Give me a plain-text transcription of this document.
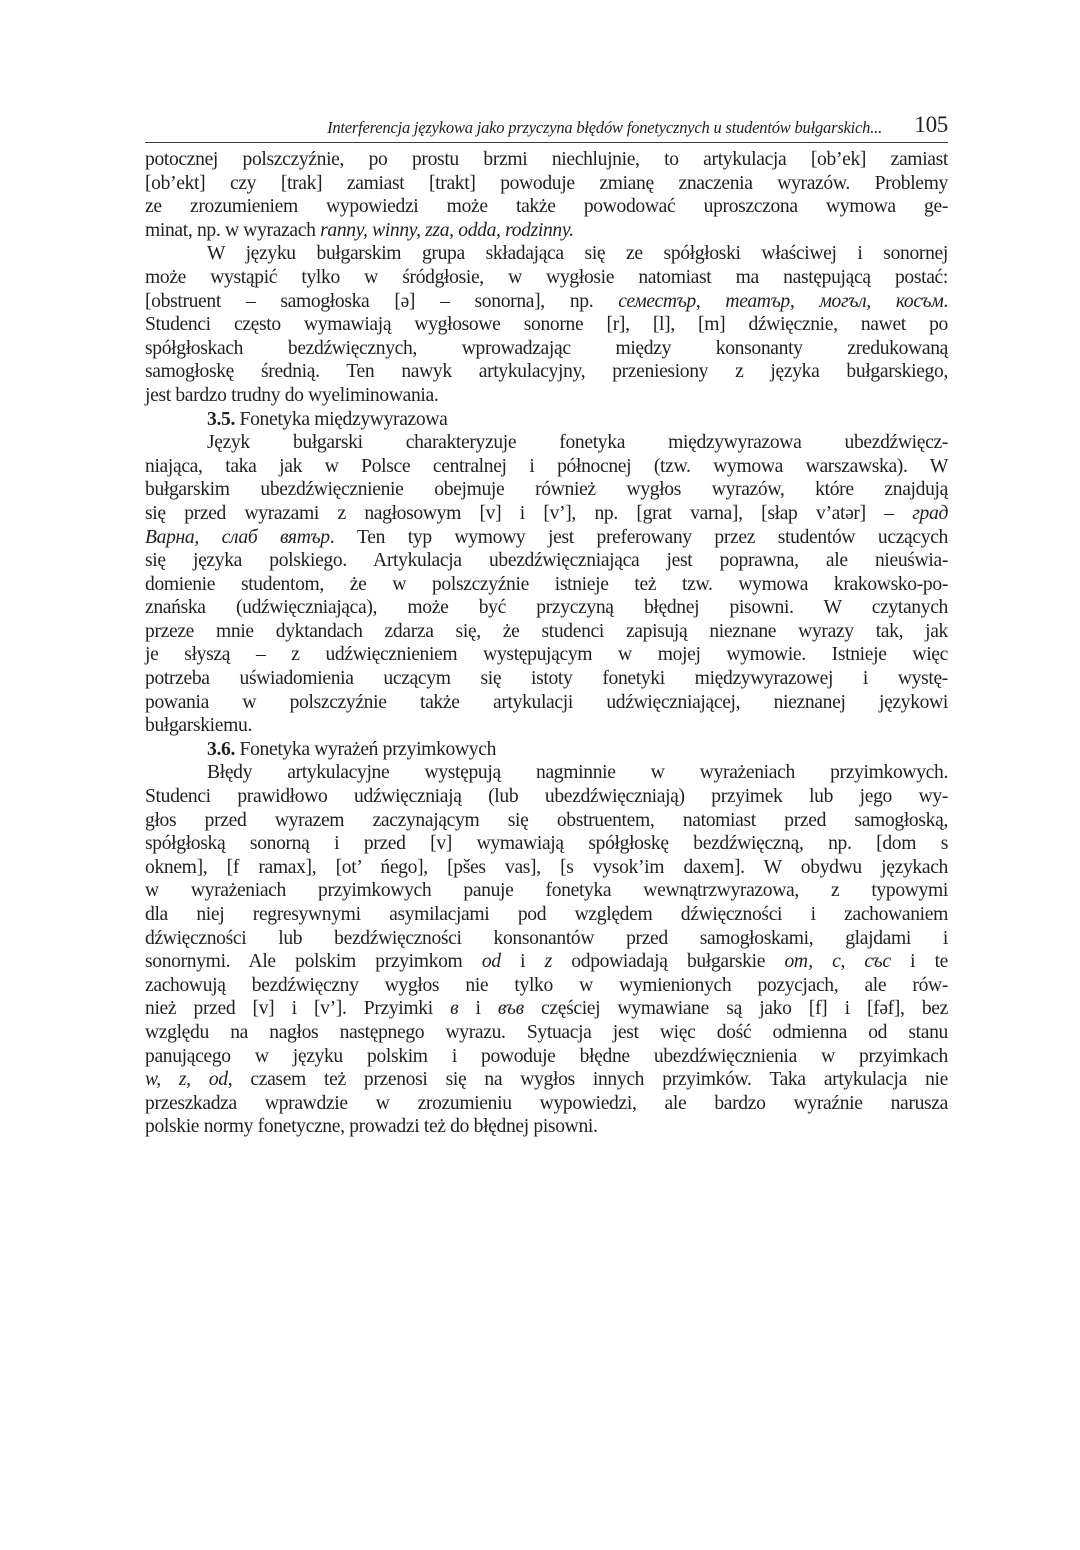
Interferencja językowa jako przyczyna błędów fonetycznych u studentów bułgarskich... 105
potocznej polszczyźnie, po prostu brzmi niechlujnie, to artykulacja [ob’ek] zamiast
[ob’ekt] czy [trak] zamiast [trakt] powoduje zmianę znaczenia wyrazów. Problemy
ze zrozumieniem wypowiedzi może także powodować uproszczona wymowa ge-
minat, np. w wyrazach ranny, winny, zza, odda, rodzinny.
W języku bułgarskim grupa składająca się ze spółgłoski właściwej i sonornej
może wystąpić tylko w śródgłosie, w wygłosie natomiast ma następującą postać:
[obstruent – samogłoska [ə] – sonorna], np. семестър, театър, могъл, косъм.
Studenci często wymawiają wygłosowe sonorne [r], [l], [m] dźwięcznie, nawet po
spółgłoskach bezdźwięcznych, wprowadzając między konsonanty zredukowaną
samogłoskę średnią. Ten nawyk artykulacyjny, przeniesiony z języka bułgarskiego,
jest bardzo trudny do wyeliminowania.
3.5. Fonetyka międzywyrazowa
Język bułgarski charakteryzuje fonetyka międzywyrazowa ubezdźwięcz-
niająca, taka jak w Polsce centralnej i północnej (tzw. wymowa warszawska). W
bułgarskim ubezdźwięcznienie obejmuje również wygłos wyrazów, które znajdują
się przed wyrazami z nagłosowym [v] i [v’], np. [grat varna], [słap v’atər] – град
Варна, слаб вятър. Ten typ wymowy jest preferowany przez studentów uczących
się języka polskiego. Artykulacja ubezdźwięczniająca jest poprawna, ale nieuświa-
domienie studentom, że w polszczyźnie istnieje też tzw. wymowa krakowsko-po-
znańska (udźwięczniająca), może być przyczyną błędnej pisowni. W czytanych
przeze mnie dyktandach zdarza się, że studenci zapisują nieznane wyrazy tak, jak
je słyszą – z udźwięcznieniem występującym w mojej wymowie. Istnieje więc
potrzeba uświadomienia uczącym się istoty fonetyki międzywyrazowej i wystę-
powania w polszczyźnie także artykulacji udźwięczniającej, nieznanej językowi
bułgarskiemu.
3.6. Fonetyka wyrażeń przyimkowych
Błędy artykulacyjne występują nagminnie w wyrażeniach przyimkowych.
Studenci prawidłowo udźwięczniają (lub ubezdźwięczniają) przyimek lub jego wy-
głos przed wyrazem zaczynającym się obstruentem, natomiast przed samogłoską,
spółgłoską sonorną i przed [v] wymawiają spółgłoskę bezdźwięczną, np. [dom s
oknem], [f ramax], [ot’ ńego], [pšes vas], [s vysok’im daxem]. W obydwu językach
w wyrażeniach przyimkowych panuje fonetyka wewnątrzwyrazowa, z typowymi
dla niej regresywnymi asymilacjami pod względem dźwięczności i zachowaniem
dźwięczności lub bezdźwięczności konsonantów przed samogłoskami, glajdami i
sonornymi. Ale polskim przyimkom od i z odpowiadają bułgarskie от, с, със i te
zachowują bezdźwięczny wygłos nie tylko w wymienionych pozycjach, ale rów-
nież przed [v] i [v’]. Przyimki в i във częściej wymawiane są jako [f] i [fəf], bez
względu na nagłos następnego wyrazu. Sytuacja jest więc dość odmienna od stanu
panującego w języku polskim i powoduje błędne ubezdźwięcznienia w przyimkach
w, z, od, czasem też przenosi się na wygłos innych przyimków. Taka artykulacja nie
przeszkadza wprawdzie w zrozumieniu wypowiedzi, ale bardzo wyraźnie narusza
polskie normy fonetyczne, prowadzi też do błędnej pisowni.
